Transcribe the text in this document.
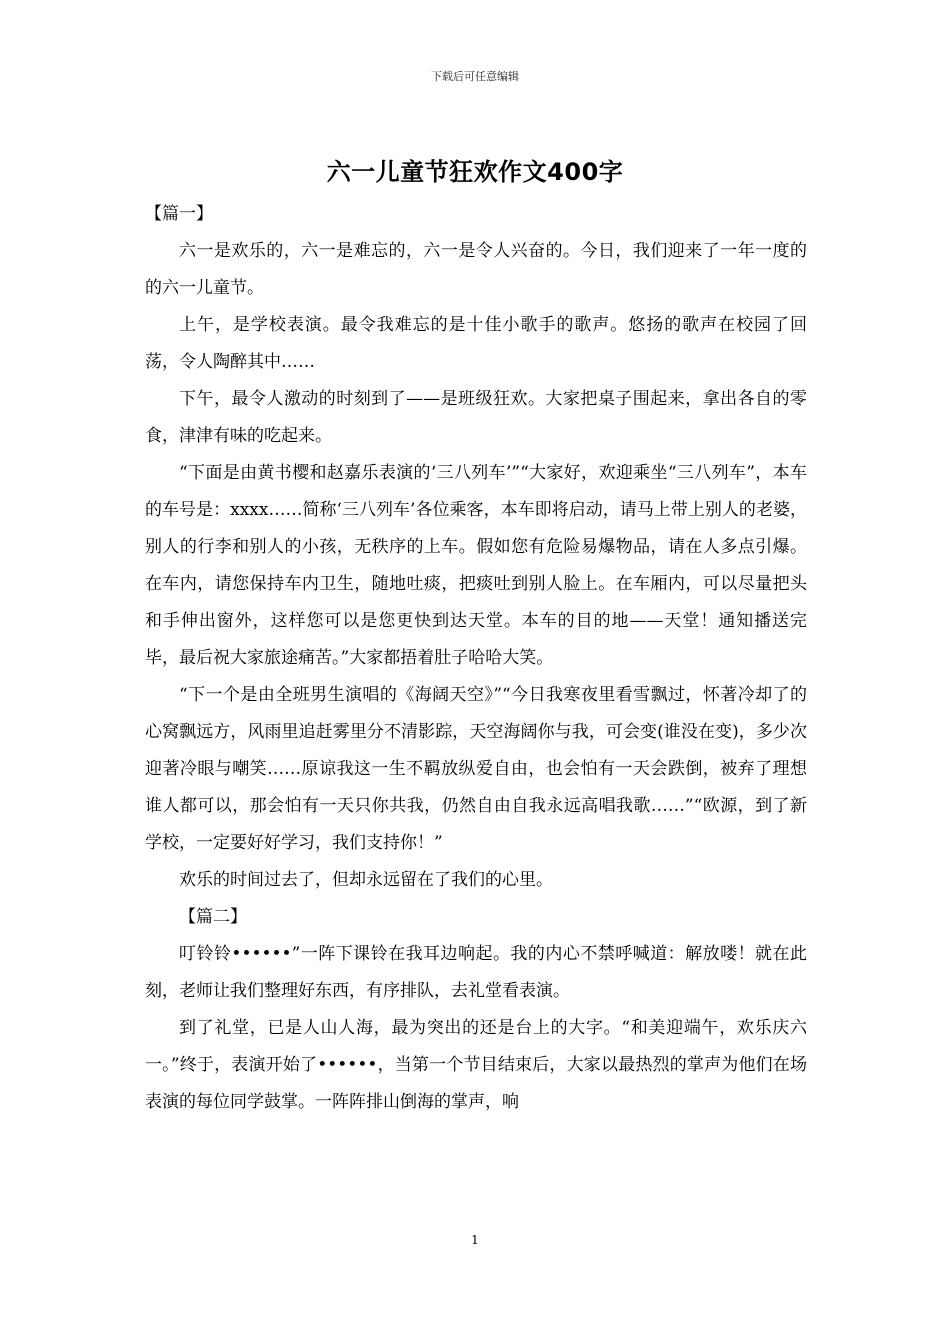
下载后可任意编辑
六一儿童节狂欢作文400字

【篇一】

六一是欢乐的，六一是难忘的，六一是令人兴奋的。今日，我们迎来了一年一度的的六一儿童节。

上午，是学校表演。最令我难忘的是十佳小歌手的歌声。悠扬的歌声在校园了回荡，令人陶醉其中……

下午，最令人激动的时刻到了——是班级狂欢。大家把桌子围起来，拿出各自的零食，津津有味的吃起来。

“下面是由黄书樱和赵嘉乐表演的‘三八列车’”“大家好，欢迎乘坐“三八列车”，本车的车号是：xxxx……简称‘三八列车’各位乘客，本车即将启动，请马上带上别人的老婆，别人的行李和别人的小孩，无秩序的上车。假如您有危险易爆物品，请在人多点引爆。在车内，请您保持车内卫生，随地吐痰，把痰吐到别人脸上。在车厢内，可以尽量把头和手伸出窗外，这样您可以是您更快到达天堂。本车的目的地——天堂！通知播送完毕，最后祝大家旅途痛苦。”大家都捂着肚子哈哈大笑。

“下一个是由全班男生演唱的《海阔天空》”“今日我寒夜里看雪飘过，怀著冷却了的心窝飘远方，风雨里追赶雾里分不清影踪，天空海阔你与我，可会变(谁没在变)，多少次迎著冷眼与嘲笑……原谅我这一生不羁放纵爱自由，也会怕有一天会跌倒，被弃了理想谁人都可以，那会怕有一天只你共我，仍然自由自我永远高唱我歌……”“欧源，到了新学校，一定要好好学习，我们支持你！”

欢乐的时间过去了，但却永远留在了我们的心里。

【篇二】

叮铃铃••••••”一阵下课铃在我耳边响起。我的内心不禁呼喊道：解放喽！就在此刻，老师让我们整理好东西，有序排队，去礼堂看表演。

到了礼堂，已是人山人海，最为突出的还是台上的大字。“和美迎端午，欢乐庆六一。”终于，表演开始了••••••，当第一个节目结束后，大家以最热烈的掌声为他们在场表演的每位同学鼓掌。一阵阵排山倒海的掌声，响

1
